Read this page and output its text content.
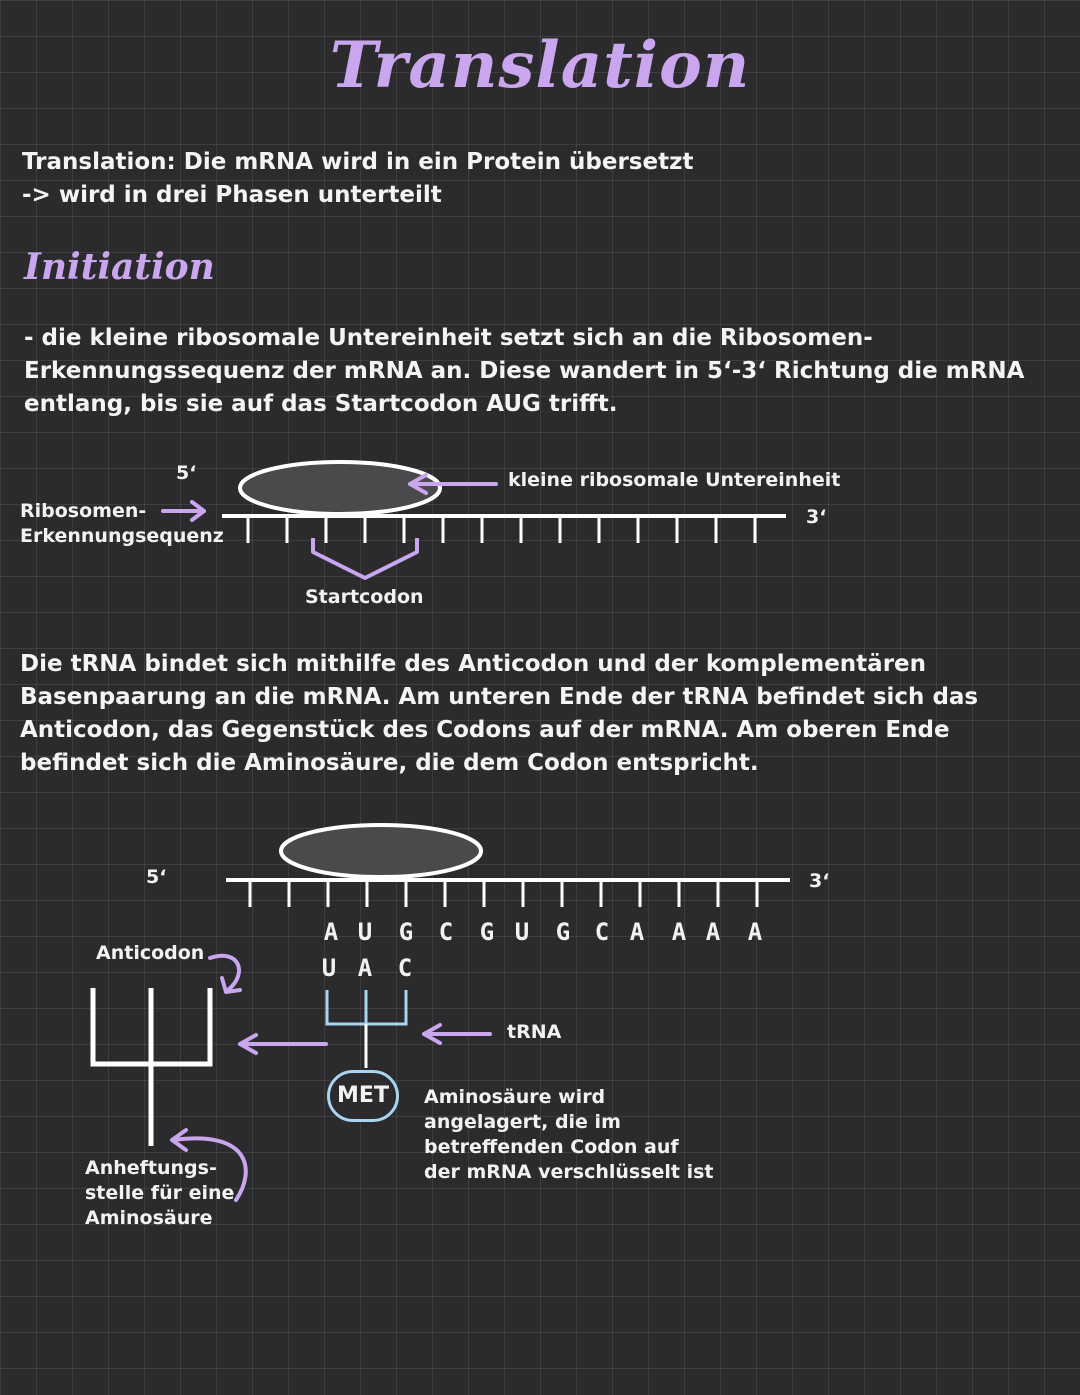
Translation
Translation: Die mRNA wird in ein Protein übersetzt
-> wird in drei Phasen unterteilt
Initiation
- die kleine ribosomale Untereinheit setzt sich an die Ribosomen-
Erkennungssequenz der mRNA an. Diese wandert in 5‘-3‘ Richtung die mRNA
entlang, bis sie auf das Startcodon AUG trifft.
5‘
3‘
kleine ribosomale Untereinheit
Ribosomen-
Erkennungsequenz
Startcodon
Die tRNA bindet sich mithilfe des Anticodon und der komplementären
Basenpaarung an die mRNA. Am unteren Ende der tRNA befindet sich das
Anticodon, das Gegenstück des Codons auf der mRNA. Am oberen Ende
befindet sich die Aminosäure, die dem Codon entspricht.
5‘	3‘
A U	G	C	G U	G	C A	A A	A
U A	C
Anticodon
tRNA
MET
Anheftungs-
stelle für eine
Aminosäure
Aminosäure wird
angelagert, die im
betreffenden Codon auf
der mRNA verschlüsselt ist
